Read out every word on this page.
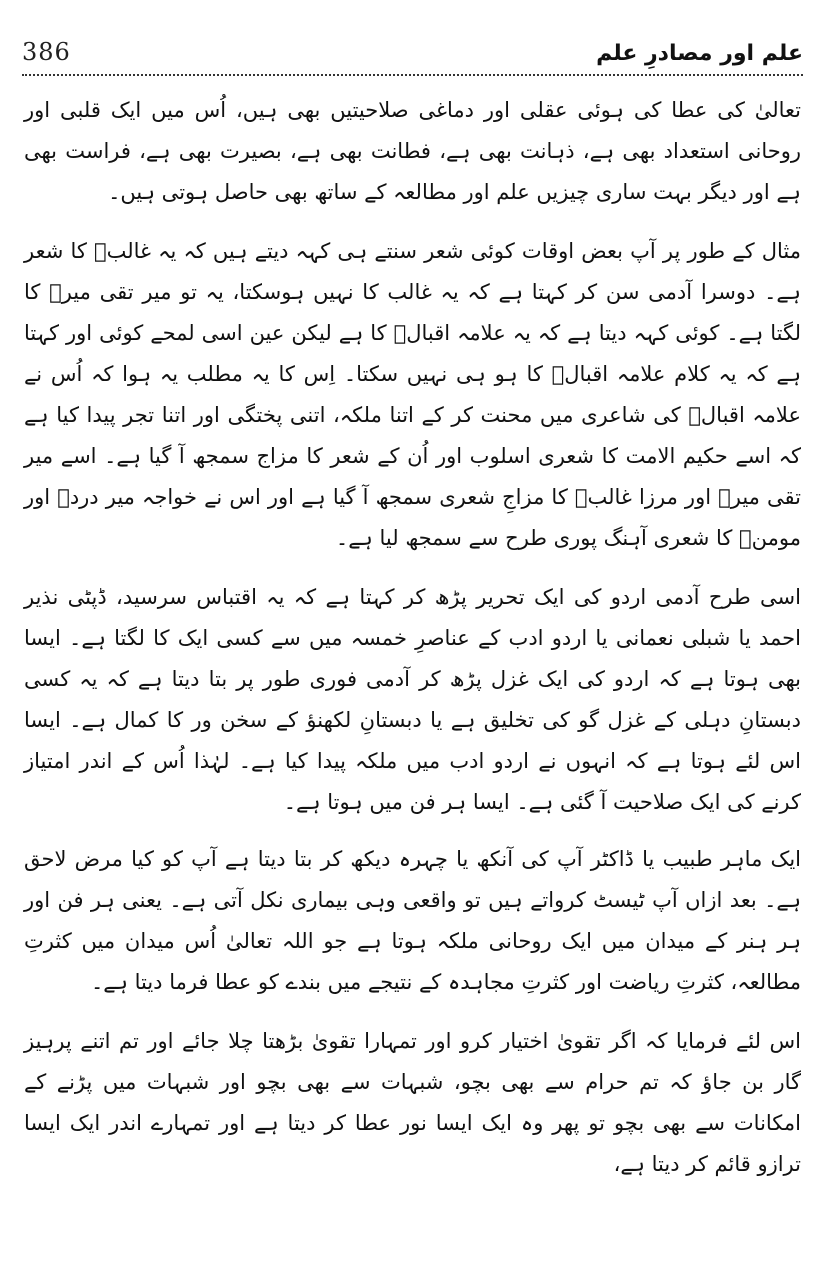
386	علم اور مصادرِ علم

تعالیٰ کی عطا کی ہوئی عقلی اور دماغی صلاحیتیں بھی ہیں، اُس میں ایک قلبی اور روحانی استعداد بھی ہے، ذہانت بھی ہے، فطانت بھی ہے، بصیرت بھی ہے، فراست بھی ہے اور دیگر بہت ساری چیزیں علم اور مطالعہ کے ساتھ بھی حاصل ہوتی ہیں۔

مثال کے طور پر آپ بعض اوقات کوئی شعر سنتے ہی کہہ دیتے ہیں کہ یہ غالبؔ کا شعر ہے۔ دوسرا آدمی سن کر کہتا ہے کہ یہ غالب کا نہیں ہوسکتا، یہ تو میر تقی میرؔ کا لگتا ہے۔ کوئی کہہ دیتا ہے کہ یہ علامہ اقبالؔ کا ہے لیکن عین اسی لمحے کوئی اور کہتا ہے کہ یہ کلام علامہ اقبالؔ کا ہو ہی نہیں سکتا۔ اِس کا یہ مطلب یہ ہوا کہ اُس نے علامہ اقبالؔ کی شاعری میں محنت کر کے اتنا ملکہ، اتنی پختگی اور اتنا تجر پیدا کیا ہے کہ اسے حکیم الامت کا شعری اسلوب اور اُن کے شعر کا مزاج سمجھ آ گیا ہے۔ اسے میر تقی میرؔ اور مرزا غالبؔ کا مزاجِ شعری سمجھ آ گیا ہے اور اس نے خواجہ میر دردؔ اور مومنؔ کا شعری آہنگ پوری طرح سے سمجھ لیا ہے۔

اسی طرح آدمی اردو کی ایک تحریر پڑھ کر کہتا ہے کہ یہ اقتباس سرسید، ڈپٹی نذیر احمد یا شبلی نعمانی یا اردو ادب کے عناصرِ خمسہ میں سے کسی ایک کا لگتا ہے۔ ایسا بھی ہوتا ہے کہ اردو کی ایک غزل پڑھ کر آدمی فوری طور پر بتا دیتا ہے کہ یہ کسی دبستانِ دہلی کے غزل گو کی تخلیق ہے یا دبستانِ لکھنؤ کے سخن ور کا کمال ہے۔ ایسا اس لئے ہوتا ہے کہ انہوں نے اردو ادب میں ملکہ پیدا کیا ہے۔ لہٰذا اُس کے اندر امتیاز کرنے کی ایک صلاحیت آ گئی ہے۔ ایسا ہر فن میں ہوتا ہے۔

ایک ماہر طبیب یا ڈاکٹر آپ کی آنکھ یا چہرہ دیکھ کر بتا دیتا ہے آپ کو کیا مرض لاحق ہے۔ بعد ازاں آپ ٹیسٹ کرواتے ہیں تو واقعی وہی بیماری نکل آتی ہے۔ یعنی ہر فن اور ہر ہنر کے میدان میں ایک روحانی ملکہ ہوتا ہے جو اللہ تعالیٰ اُس میدان میں کثرتِ مطالعہ، کثرتِ ریاضت اور کثرتِ مجاہدہ کے نتیجے میں بندے کو عطا فرما دیتا ہے۔

اس لئے فرمایا کہ اگر تقویٰ اختیار کرو اور تمہارا تقویٰ بڑھتا چلا جائے اور تم اتنے پرہیز گار بن جاؤ کہ تم حرام سے بھی بچو، شبہات سے بھی بچو اور شبہات میں پڑنے کے امکانات سے بھی بچو تو پھر وہ ایک ایسا نور عطا کر دیتا ہے اور تمہارے اندر ایک ایسا ترازو قائم کر دیتا ہے،
